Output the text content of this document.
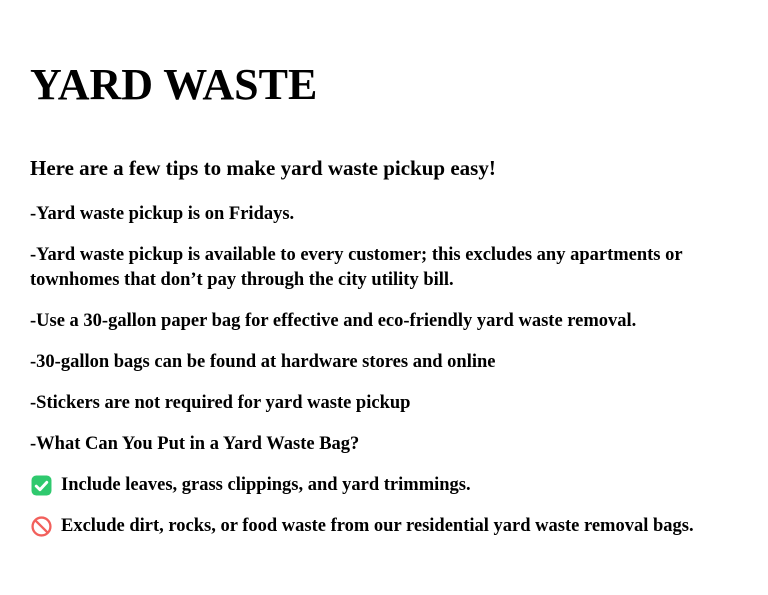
YARD WASTE
Here are a few tips to make yard waste pickup easy!

-Yard waste pickup is on Fridays.

-Yard waste pickup is available to every customer; this excludes any apartments or
townhomes that don’t pay through the city utility bill.

-Use a 30-gallon paper bag for effective and eco-friendly yard waste removal.

-30-gallon bags can be found at hardware stores and online

-Stickers are not required for yard waste pickup

-What Can You Put in a Yard Waste Bag?

Include leaves, grass clippings, and yard trimmings.
Exclude dirt, rocks, or food waste from our residential yard waste removal bags.
